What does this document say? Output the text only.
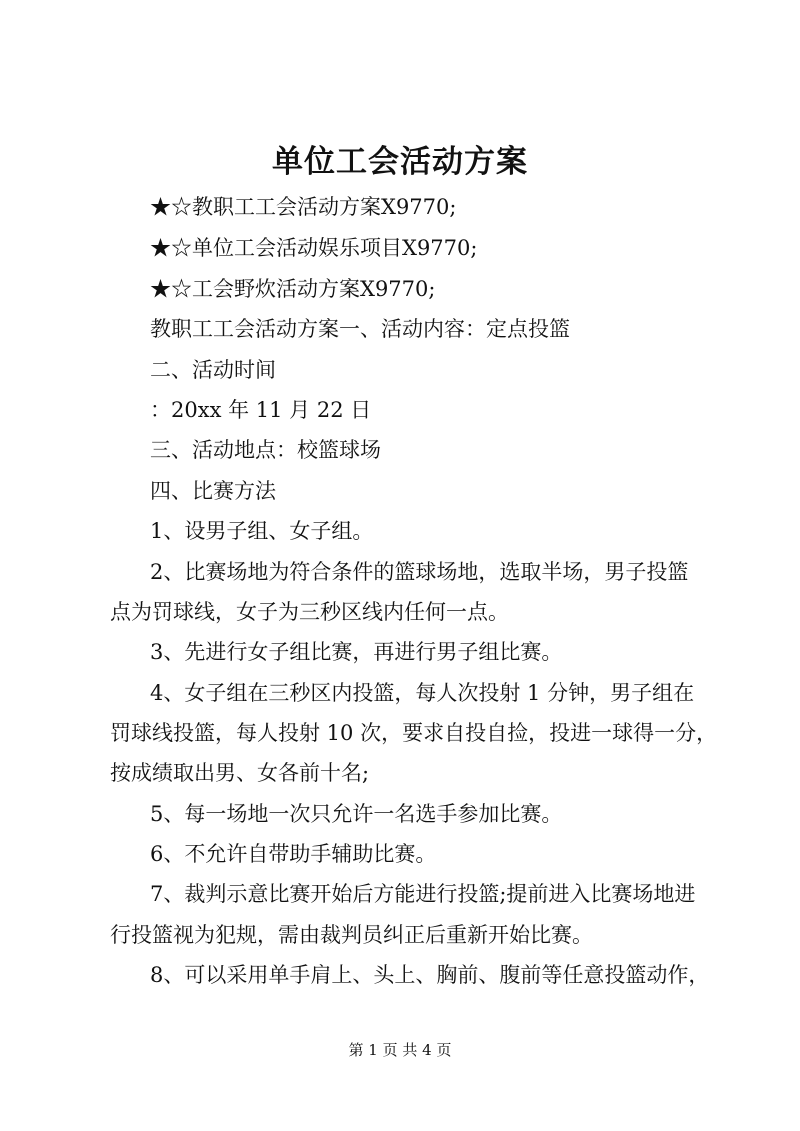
单位工会活动方案
★☆教职工工会活动方案X9770;
★☆单位工会活动娱乐项目X9770;
★☆工会野炊活动方案X9770;
教职工工会活动方案一、活动内容：定点投篮
二、活动时间
：20xx 年 11 月 22 日
三、活动地点：校篮球场
四、比赛方法
1、设男子组、女子组。
2、比赛场地为符合条件的篮球场地，选取半场，男子投篮
点为罚球线，女子为三秒区线内任何一点。
3、先进行女子组比赛，再进行男子组比赛。
4、女子组在三秒区内投篮，每人次投射 1 分钟，男子组在
罚球线投篮，每人投射 10 次，要求自投自捡，投进一球得一分，
按成绩取出男、女各前十名;
5、每一场地一次只允许一名选手参加比赛。
6、不允许自带助手辅助比赛。
7、裁判示意比赛开始后方能进行投篮;提前进入比赛场地进
行投篮视为犯规，需由裁判员纠正后重新开始比赛。
8、可以采用单手肩上、头上、胸前、腹前等任意投篮动作，
第 1 页 共 4 页
